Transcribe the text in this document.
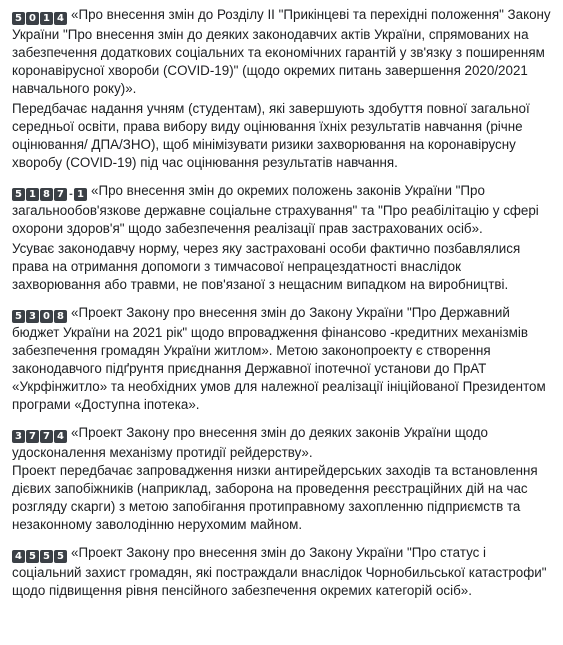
5 0 1 4 «Про внесення змін до Розділу ІІ "Прикінцеві та перехідні положення" Закону України "Про внесення змін до деяких законодавчих актів України, спрямованих на забезпечення додаткових соціальних та економічних гарантій у зв'язку з поширенням коронавірусної хвороби (COVID-19)" (щодо окремих питань завершення 2020/2021 навчального року)».

Передбачає надання учням (студентам), які завершують здобуття повної загальної середньої освіти, права вибору виду оцінювання їхніх результатів навчання (річне оцінювання/ ДПА/ЗНО), щоб мінімізувати ризики захворювання на коронавірусну хворобу (COVID-19) під час оцінювання результатів навчання.

5 1 8 7 - 1 «Про внесення змін до окремих положень законів України "Про загальнообов'язкове державне соціальне страхування" та "Про реабілітацію у сфері охорони здоров'я" щодо забезпечення реалізації прав застрахованих осіб».

Усуває законодавчу норму, через яку застраховані особи фактично позбавлялися права на отримання допомоги з тимчасової непрацездатності внаслідок захворювання або травми, не пов'язаної з нещасним випадком на виробництві.

5 3 0 8 «Проект Закону про внесення змін до Закону України "Про Державний бюджет України на 2021 рік" щодо впровадження фінансово -кредитних механізмів забезпечення громадян України житлом». Метою законопроекту є створення законодавчого підґрунтя приєднання Державної іпотечної установи до ПрАТ «Укрфінжитло» та необхідних умов для належної реалізації ініційованої Президентом програми «Доступна іпотека».

3 7 7 4 «Проект Закону про внесення змін до деяких законів України щодо удосконалення механізму протидії рейдерству».

Проект передбачає запровадження низки антирейдерських заходів та встановлення дієвих запобіжників (наприклад, заборона на проведення реєстраційних дій на час розгляду скарги) з метою запобігання протиправному захопленню підприємств та незаконному заволодінню нерухомим майном.

4 5 5 5 «Проект Закону про внесення змін до Закону України "Про статус і соціальний захист громадян, які постраждали внаслідок Чорнобильської катастрофи" щодо підвищення рівня пенсійного забезпечення окремих категорій осіб».
